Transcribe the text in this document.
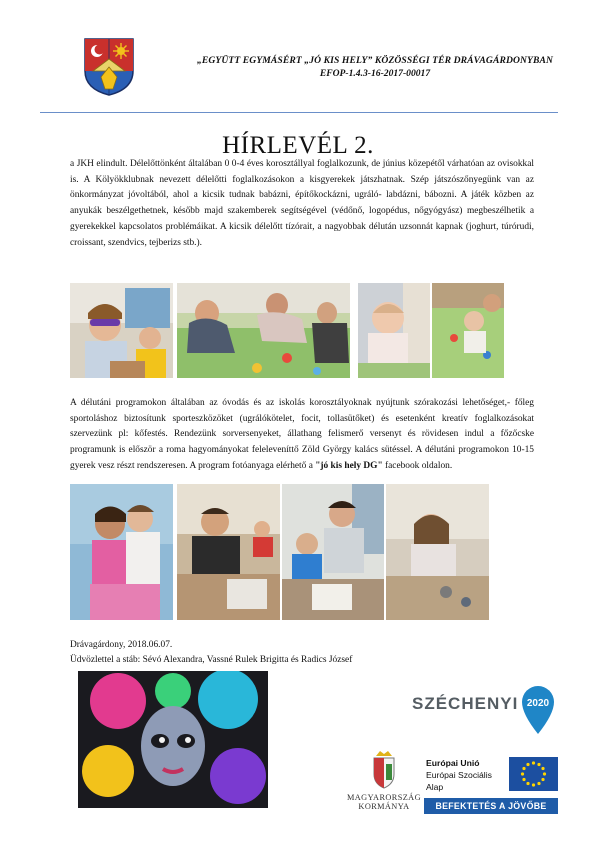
„EGYÜTT EGYMÁSÉRT „JÓ KIS HELY” KÖZÖSSÉGI TÉR DRÁVAGÁRDONYBAN
EFOP-1.4.3-16-2017-00017
HÍRLEVÉL 2.

a JKH elindult. Délelőttönként általában 0 0-4 éves korosztállyal foglalkozunk, de június közepétől várhatóan az ovisokkal is. A Kölyökklubnak nevezett délelőtti foglalkozásokon a kisgyerekek játszhatnak. Szép játszószőnyegünk van az önkormányzat jóvoltából, ahol a kicsik tudnak babázni, építőkockázni, ugráló- labdázni, bábozni. A játék közben az anyukák beszélgethetnek, később majd szakemberek segítségével (védőnő, logopédus, nőgyógyász) megbeszélhetik a gyerekekkel kapcsolatos problémáikat. A kicsik délelőtt tízórait, a nagyobbak délután uzsonnát kapnak (joghurt, túrórudi, croissant, szendvics, tejberizs stb.).

A délutáni programokon általában az óvodás és az iskolás korosztályoknak nyújtunk szórakozási lehetőséget,- főleg sportoláshoz biztosítunk sporteszközöket (ugrálókötelet, focit, tollasütőket) és esetenként kreatív foglalkozásokat szervezünk pl: kőfestés. Rendezünk sorversenyeket, állathang felismerő versenyt és rövidesen indul a főzőcske programunk is először a roma hagyományokat feleleveníttő Zöld György kalács sütéssel. A délutáni programokon 10-15 gyerek vesz részt rendszeresen. A program fotóanyaga elérhető a "jó kis hely DG" facebook oldalon.

Drávagárdony, 2018.06.07.
Üdvözlettel a stáb: Sévó Alexandra, Vassné Rulek Brigitta és Radics József
SZÉCHENYI 2020
MAGYARORSZÁG
KORMÁNYA
Európai Unió
Európai Szociális
Alap
BEFEKTETÉS A JÖVŐBE
